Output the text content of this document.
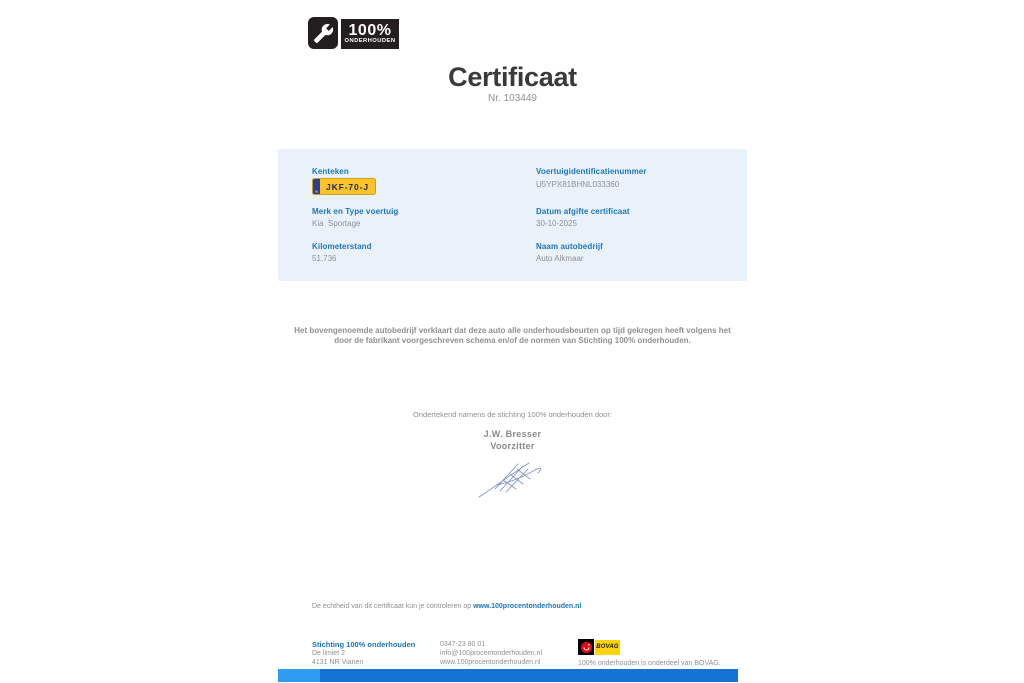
100%
ONDERHOUDEN
Certificaat
Nr. 103449
Kenteken
NL
JKF-70-J
Voertuigidentificatienummer
U5YPX81BHNL033360
Merk en Type voertuig
Kia  Sportage
Datum afgifte certificaat
30-10-2025
Kilometerstand
51.736
Naam autobedrijf
Auto Alkmaar

Het bovengenoemde autobedrijf verklaart dat deze auto alle onderhoudsbeurten op tijd gekregen heeft volgens het door de fabrikant voorgeschreven schema en/of de normen van Stichting 100% onderhouden.

Ondertekend namens de stichting 100% onderhouden door:
J.W. Bresser
Voorzitter
De echtheid van dit certificaat kun je controleren op www.100procentonderhouden.nl
Stichting 100% onderhouden
De limiet 2
4131 NR Vianen
0347-23 80 01
info@100procentonderhouden.nl
www.100procentonderhouden.nl
BOVAG
100% onderhouden is onderdeel van BOVAG.
